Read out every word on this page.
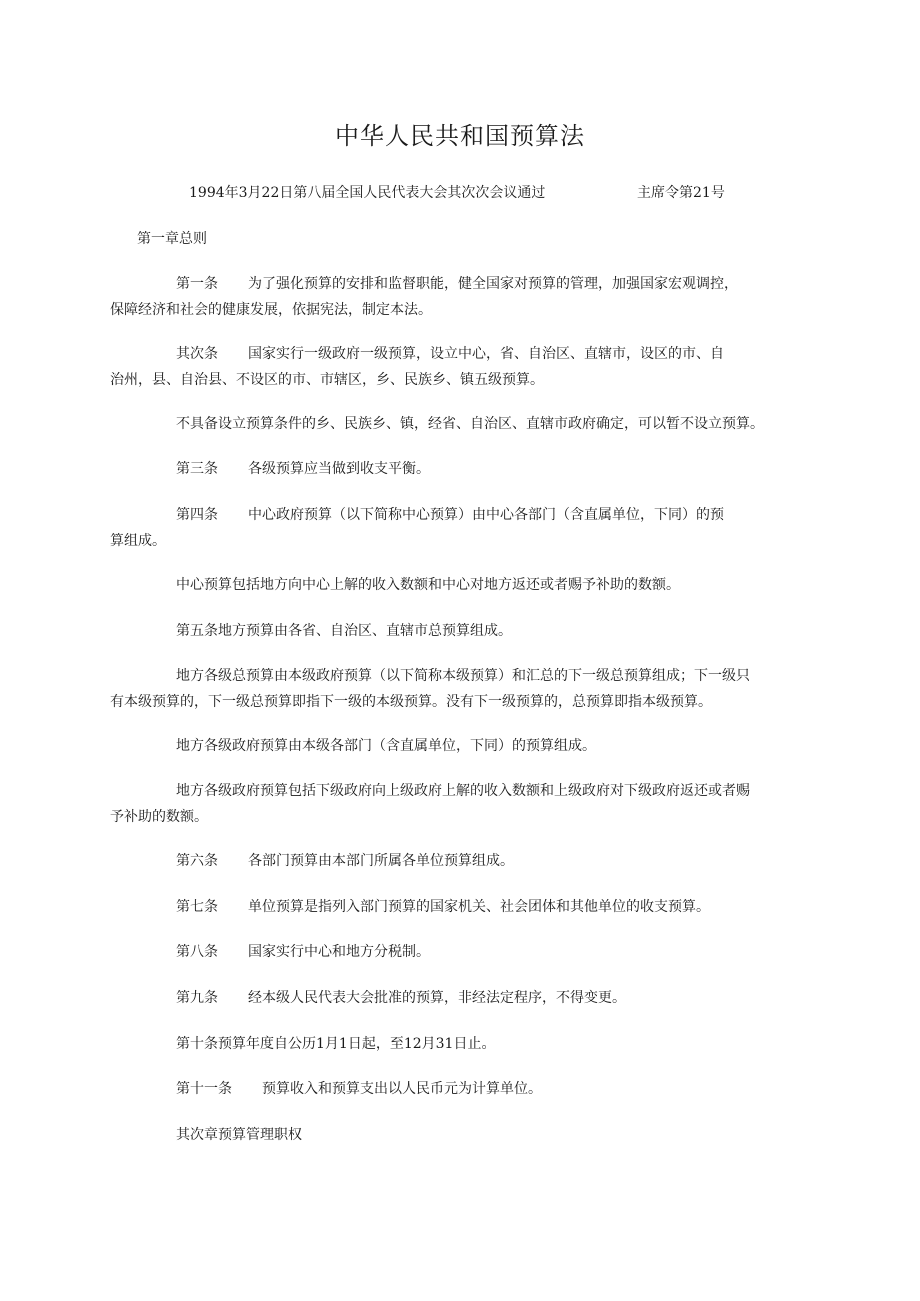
中华人民共和国预算法
1994年3月22日第八届全国人民代表大会其次次会议通过	主席令第21号

第一章总则

第一条 为了强化预算的安排和监督职能，健全国家对预算的管理，加强国家宏观调控，
保障经济和社会的健康发展，依据宪法，制定本法。
其次条 国家实行一级政府一级预算，设立中心，省、自治区、直辖市，设区的市、自
治州，县、自治县、不设区的市、市辖区，乡、民族乡、镇五级预算。

不具备设立预算条件的乡、民族乡、镇，经省、自治区、直辖市政府确定，可以暂不设立预算。

第三条 各级预算应当做到收支平衡。
第四条 中心政府预算（以下简称中心预算）由中心各部门（含直属单位，下同）的预
算组成。

中心预算包括地方向中心上解的收入数额和中心对地方返还或者赐予补助的数额。

第五条地方预算由各省、自治区、直辖市总预算组成。

地方各级总预算由本级政府预算（以下简称本级预算）和汇总的下一级总预算组成；下一级只
有本级预算的，下一级总预算即指下一级的本级预算。没有下一级预算的，总预算即指本级预算。

地方各级政府预算由本级各部门（含直属单位，下同）的预算组成。

地方各级政府预算包括下级政府向上级政府上解的收入数额和上级政府对下级政府返还或者赐
予补助的数额。
第六条 各部门预算由本部门所属各单位预算组成。
第七条 单位预算是指列入部门预算的国家机关、社会团体和其他单位的收支预算。
第八条 国家实行中心和地方分税制。
第九条 经本级人民代表大会批准的预算，非经法定程序，不得变更。

第十条预算年度自公历1月1日起，至12月31日止。

第十一条 预算收入和预算支出以人民币元为计算单位。

其次章预算管理职权
